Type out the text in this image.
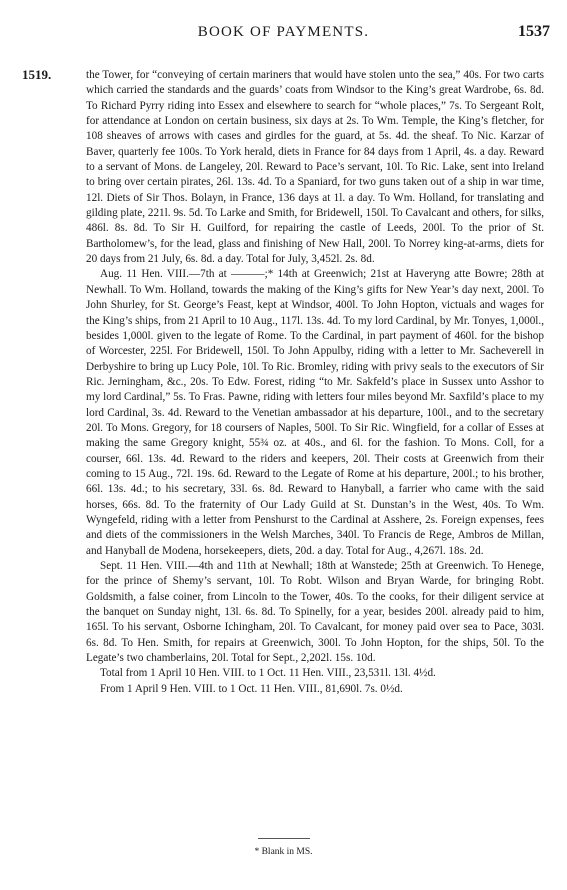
BOOK OF PAYMENTS.	1537
1519.	the Tower, for “conveying of certain mariners that would have stolen unto the sea,” 40s. For two carts which carried the standards and the guards’ coats from Windsor to the King’s great Wardrobe, 6s. 8d. To Richard Pyrry riding into Essex and elsewhere to search for “whole places,” 7s. To Sergeant Rolt, for attendance at London on certain business, six days at 2s. To Wm. Temple, the King’s fletcher, for 108 sheaves of arrows with cases and girdles for the guard, at 5s. 4d. the sheaf. To Nic. Karzar of Baver, quarterly fee 100s. To York herald, diets in France for 84 days from 1 April, 4s. a day. Reward to a servant of Mons. de Langeley, 20l. Reward to Pace’s servant, 10l. To Ric. Lake, sent into Ireland to bring over certain pirates, 26l. 13s. 4d. To a Spaniard, for two guns taken out of a ship in war time, 12l. Diets of Sir Thos. Bolayn, in France, 136 days at 1l. a day. To Wm. Holland, for translating and gilding plate, 221l. 9s. 5d. To Larke and Smith, for Bridewell, 150l. To Cavalcant and others, for silks, 486l. 8s. 8d. To Sir H. Guilford, for repairing the castle of Leeds, 200l. To the prior of St. Bartholomew’s, for the lead, glass and finishing of New Hall, 200l. To Norrey king-at-arms, diets for 20 days from 21 July, 6s. 8d. a day. Total for July, 3,452l. 2s. 8d.

Aug. 11 Hen. VIII.—7th at ———;* 14th at Greenwich; 21st at Haveryng atte Bowre; 28th at Newhall. To Wm. Holland, towards the making of the King’s gifts for New Year’s day next, 200l. To John Shurley, for St. George’s Feast, kept at Windsor, 400l. To John Hopton, victuals and wages for the King’s ships, from 21 April to 10 Aug., 117l. 13s. 4d. To my lord Cardinal, by Mr. Tonyes, 1,000l., besides 1,000l. given to the legate of Rome. To the Cardinal, in part payment of 460l. for the bishop of Worcester, 225l. For Bridewell, 150l. To John Appulby, riding with a letter to Mr. Sacheverell in Derbyshire to bring up Lucy Pole, 10l. To Ric. Bromley, riding with privy seals to the executors of Sir Ric. Jerningham, &c., 20s. To Edw. Forest, riding “to Mr. Sakfeld’s place in Sussex unto Asshor to my lord Cardinal,” 5s. To Fras. Pawne, riding with letters four miles beyond Mr. Saxfild’s place to my lord Cardinal, 3s. 4d. Reward to the Venetian ambassador at his departure, 100l., and to the secretary 20l. To Mons. Gregory, for 18 coursers of Naples, 500l. To Sir Ric. Wingfield, for a collar of Esses at making the same Gregory knight, 55¾ oz. at 40s., and 6l. for the fashion. To Mons. Coll, for a courser, 66l. 13s. 4d. Reward to the riders and keepers, 20l. Their costs at Greenwich from their coming to 15 Aug., 72l. 19s. 6d. Reward to the Legate of Rome at his departure, 200l.; to his brother, 66l. 13s. 4d.; to his secretary, 33l. 6s. 8d. Reward to Hanyball, a farrier who came with the said horses, 66s. 8d. To the fraternity of Our Lady Guild at St. Dunstan’s in the West, 40s. To Wm. Wyngefeld, riding with a letter from Penshurst to the Cardinal at Asshere, 2s. Foreign expenses, fees and diets of the commissioners in the Welsh Marches, 340l. To Francis de Rege, Ambros de Millan, and Hanyball de Modena, horsekeepers, diets, 20d. a day. Total for Aug., 4,267l. 18s. 2d.

Sept. 11 Hen. VIII.—4th and 11th at Newhall; 18th at Wanstede; 25th at Greenwich. To Henege, for the prince of Shemy’s servant, 10l. To Robt. Wilson and Bryan Warde, for bringing Robt. Goldsmith, a false coiner, from Lincoln to the Tower, 40s. To the cooks, for their diligent service at the banquet on Sunday night, 13l. 6s. 8d. To Spinelly, for a year, besides 200l. already paid to him, 165l. To his servant, Osborne Ichingham, 20l. To Cavalcant, for money paid over sea to Pace, 303l. 6s. 8d. To Hen. Smith, for repairs at Greenwich, 300l. To John Hopton, for the ships, 50l. To the Legate’s two chamberlains, 20l. Total for Sept., 2,202l. 15s. 10d.

Total from 1 April 10 Hen. VIII. to 1 Oct. 11 Hen. VIII., 23,531l. 13l. 4½d.

From 1 April 9 Hen. VIII. to 1 Oct. 11 Hen. VIII., 81,690l. 7s. 0½d.

* Blank in MS.
